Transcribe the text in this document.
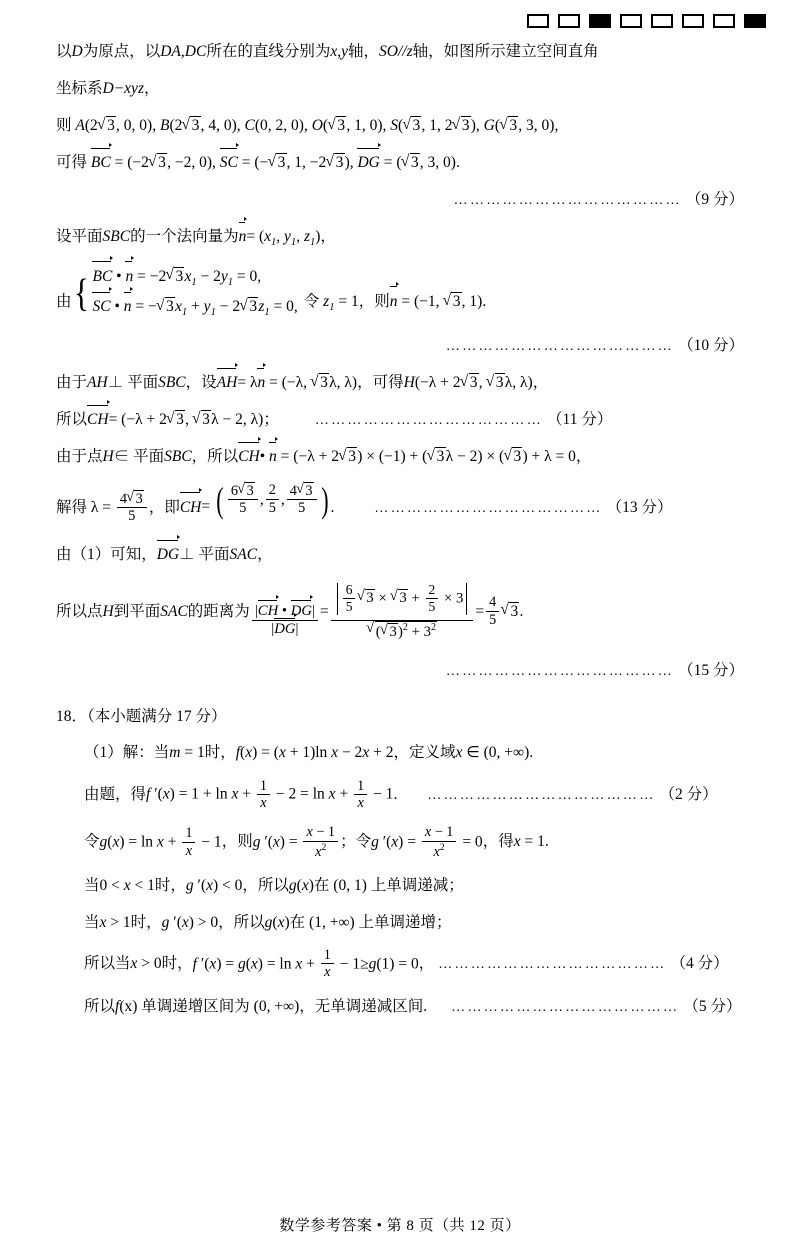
以 D 为原点，以 DA , DC 所在的直线分别为 x , y 轴， SO// z 轴，如图所示建立空间直角
坐标系 D −xyz ，
则 A(2 √ 3, 0, 0), B(2 √ 3, 4, 0), C(0, 2, 0), O( √ 3, 1, 0), S( √ 3, 1, 2 √ 3), G( √ 3, 3, 0),
可得 BC = (−2 √ 3, −2, 0), SC = (− √ 3, 1, −2 √ 3), DG = ( √ 3, 3, 0).
…………………………………… （9 分）
设平面 SBC 的一个法向量为 $n = (x_1$, $y_1$, $z_1$) ，
由 { BC • n = −2 √ $3x_1 - 2y_1 = 0$,
SC • n = − √ $3x_1 + y_1 - 2$ √ $3z_1 = 0$, 令 $z_1 = 1$ ，则 n = (−1, √ 3, 1) .
…………………………………… （10 分）
由于 AH ⊥ 平面 SBC ，设 AH = λn = (−λ, √ 3λ, λ) ，可得 H (−λ + 2 √ 3, √ 3λ, λ) ，
所以 CH = (−λ + 2 √ 3, √ 3λ − 2, λ) ；	…………………………………… （11 分）
由于点 H ∈ 平面 SBC ，所以 CH • n = (−λ + 2 √ 3) × (−1) + ( √ 3λ − 2) × ( √ 3) + λ = 0 ，
解得 $\lambda = \frac{4 √ 3}{5}$ ，即 CH = ( $\frac{6 √ 3}{5}$ , $\frac{2}{5}$ , $\frac{4 √ 3}{5}$ ) .	…………………………………… （13 分）
由（1）可知， DG ⊥ 平面 SAC ，
所以点 H 到平面 SAC 的距离为 $\frac{|CH • DG|}{|DG|} = \frac{6}{5}$ √ 3 × √ $3 + \frac{2}{5} \times 3$
√ ( √ $3)^2 + 3^2 = \frac{4}{5}$ √ 3 .
…………………………………… （15 分）
18．（本小题满分 17 分）
（1）解：当 m = 1 时， f(x) = (x + 1)ln x − 2x + 2 ，定义域 x ∈ (0, +∞) .
由题，得 f $'(x) = 1 + \ln x + \frac{1}{x} - 2 = \ln x + \frac{1}{x} - 1$ . …………………………………… （2 分）
令 $g(x) = \ln x + \frac{1}{x} - 1$ ，则 g $'(x) = \frac{x - 1}{x^2}$ ；令 g $'(x) = \frac{x - 1}{x^2} = 0$ ，得 x = 1 .
当 0 < x < 1 时， g ′(x) < 0 ，所以 g(x) 在 (0, 1) 上单调递减；
当 x > 1 时， g ′(x) > 0 ，所以 g(x) 在 (1, +∞) 上单调递增；
所以当 x > 0 时， f $'(x) = g(x) = \ln x + \frac{1}{x} - 1\ge g(1) = 0$ ， …………………………………… （4 分）
所以 f (x) 单调递增区间为 (0, +∞)，无单调递减区间. …………………………………… （5 分）
数学参考答案 • 第 8 页（共 12 页）
